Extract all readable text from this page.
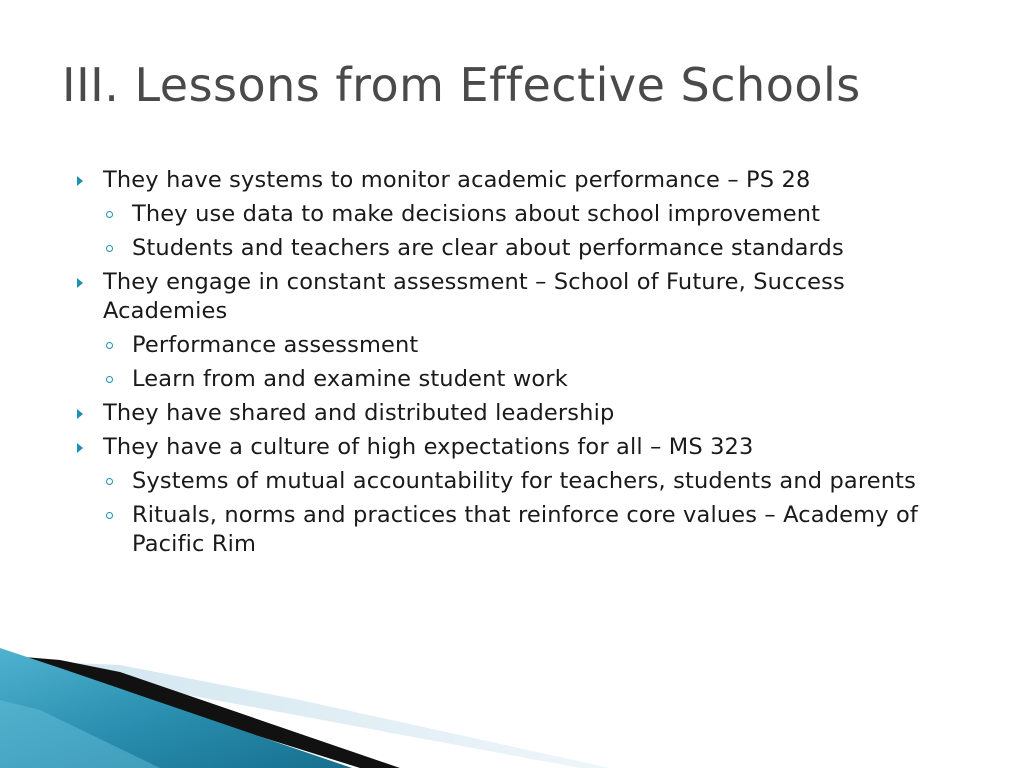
III. Lessons from Effective Schools
They have systems to monitor academic performance – PS 28
They use data to make decisions about school improvement
Students and teachers are clear about performance standards
They engage in constant assessment – School of Future, Success Academies
Performance assessment
Learn from and examine student work
They have shared and distributed leadership
They have a culture of high expectations for all – MS 323
Systems of mutual accountability for teachers, students and parents
Rituals, norms and practices that reinforce core values – Academy of Pacific Rim
